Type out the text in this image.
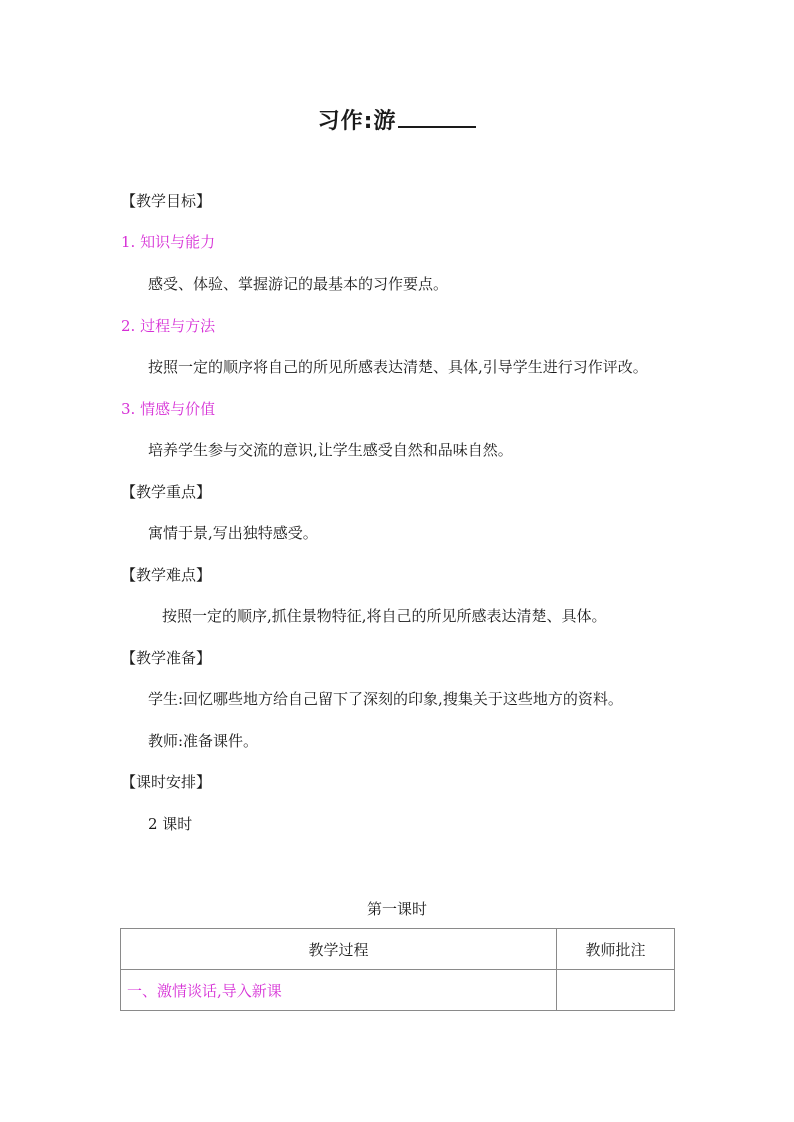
习作:游
【教学目标】
1. 知识与能力
感受、体验、掌握游记的最基本的习作要点。
2. 过程与方法
按照一定的顺序将自己的所见所感表达清楚、具体,引导学生进行习作评改。
3. 情感与价值
培养学生参与交流的意识,让学生感受自然和品味自然。
【教学重点】
寓情于景,写出独特感受。
【教学难点】
按照一定的顺序,抓住景物特征,将自己的所见所感表达清楚、具体。
【教学准备】
学生:回忆哪些地方给自己留下了深刻的印象,搜集关于这些地方的资料。
教师:准备课件。
【课时安排】
2 课时
第一课时
教学过程	教师批注
一、激情谈话,导入新课	
